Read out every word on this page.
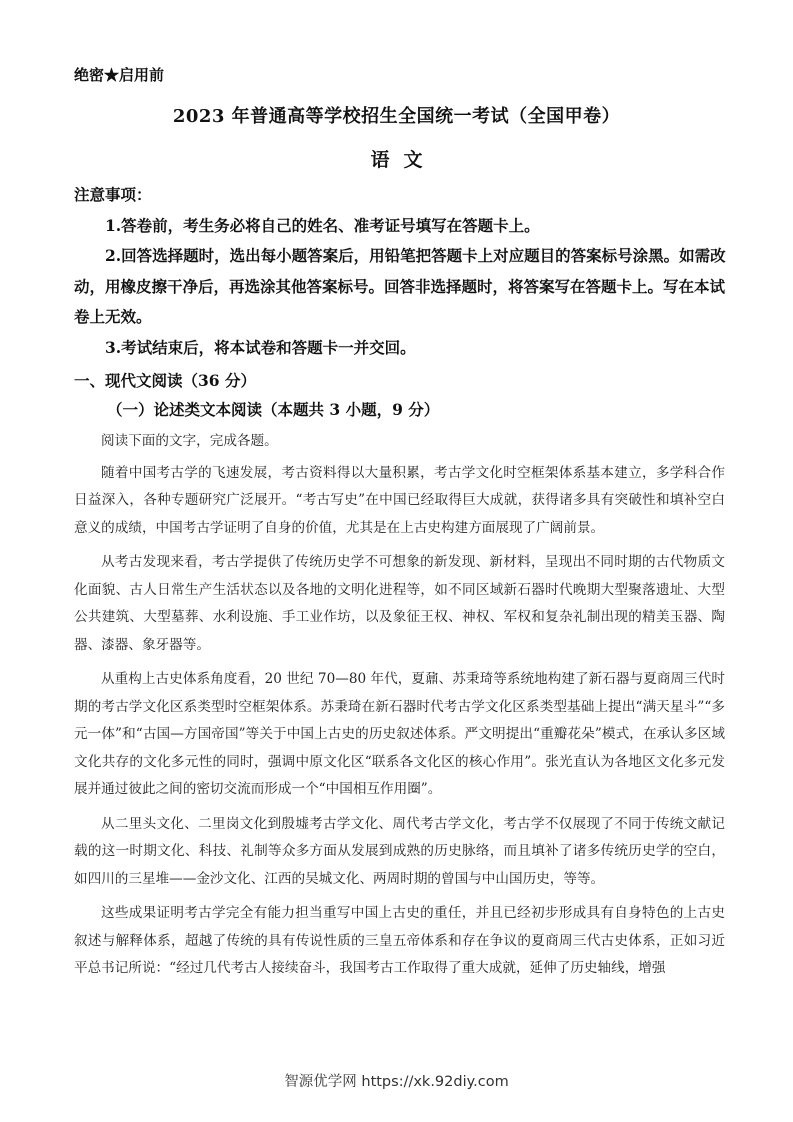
绝密★启用前
2023 年普通高等学校招生全国统一考试（全国甲卷）
语文

注意事项：

1.答卷前，考生务必将自己的姓名、准考证号填写在答题卡上。

2.回答选择题时，选出每小题答案后，用铅笔把答题卡上对应题目的答案标号涂黑。如需改动，用橡皮擦干净后，再选涂其他答案标号。回答非选择题时，将答案写在答题卡上。写在本试卷上无效。

3.考试结束后，将本试卷和答题卡一并交回。

一、现代文阅读（36 分）
（一）论述类文本阅读（本题共 3 小题，9 分）

阅读下面的文字，完成各题。

随着中国考古学的飞速发展，考古资料得以大量积累，考古学文化时空框架体系基本建立，多学科合作日益深入，各种专题研究广泛展开。“考古写史”在中国已经取得巨大成就，获得诸多具有突破性和填补空白意义的成绩，中国考古学证明了自身的价值，尤其是在上古史构建方面展现了广阔前景。

从考古发现来看，考古学提供了传统历史学不可想象的新发现、新材料，呈现出不同时期的古代物质文化面貌、古人日常生产生活状态以及各地的文明化进程等，如不同区域新石器时代晚期大型聚落遗址、大型公共建筑、大型墓葬、水利设施、手工业作坊，以及象征王权、神权、军权和复杂礼制出现的精美玉器、陶器、漆器、象牙器等。

从重构上古史体系角度看，20 世纪 70—80 年代，夏鼐、苏秉琦等系统地构建了新石器与夏商周三代时期的考古学文化区系类型时空框架体系。苏秉琦在新石器时代考古学文化区系类型基础上提出“满天星斗”“多元一体”和“古国—方国帝国”等关于中国上古史的历史叙述体系。严文明提出“重瓣花朵”模式，在承认多区域文化共存的文化多元性的同时，强调中原文化区“联系各文化区的核心作用”。张光直认为各地区文化多元发展并通过彼此之间的密切交流而形成一个“中国相互作用圈”。

从二里头文化、二里岗文化到殷墟考古学文化、周代考古学文化，考古学不仅展现了不同于传统文献记载的这一时期文化、科技、礼制等众多方面从发展到成熟的历史脉络，而且填补了诸多传统历史学的空白，如四川的三星堆——金沙文化、江西的吴城文化、两周时期的曾国与中山国历史，等等。

这些成果证明考古学完全有能力担当重写中国上古史的重任，并且已经初步形成具有自身特色的上古史叙述与解释体系，超越了传统的具有传说性质的三皇五帝体系和存在争议的夏商周三代古史体系，正如习近平总书记所说：“经过几代考古人接续奋斗，我国考古工作取得了重大成就，延伸了历史轴线，增强

智源优学网 https://xk.92diy.com
